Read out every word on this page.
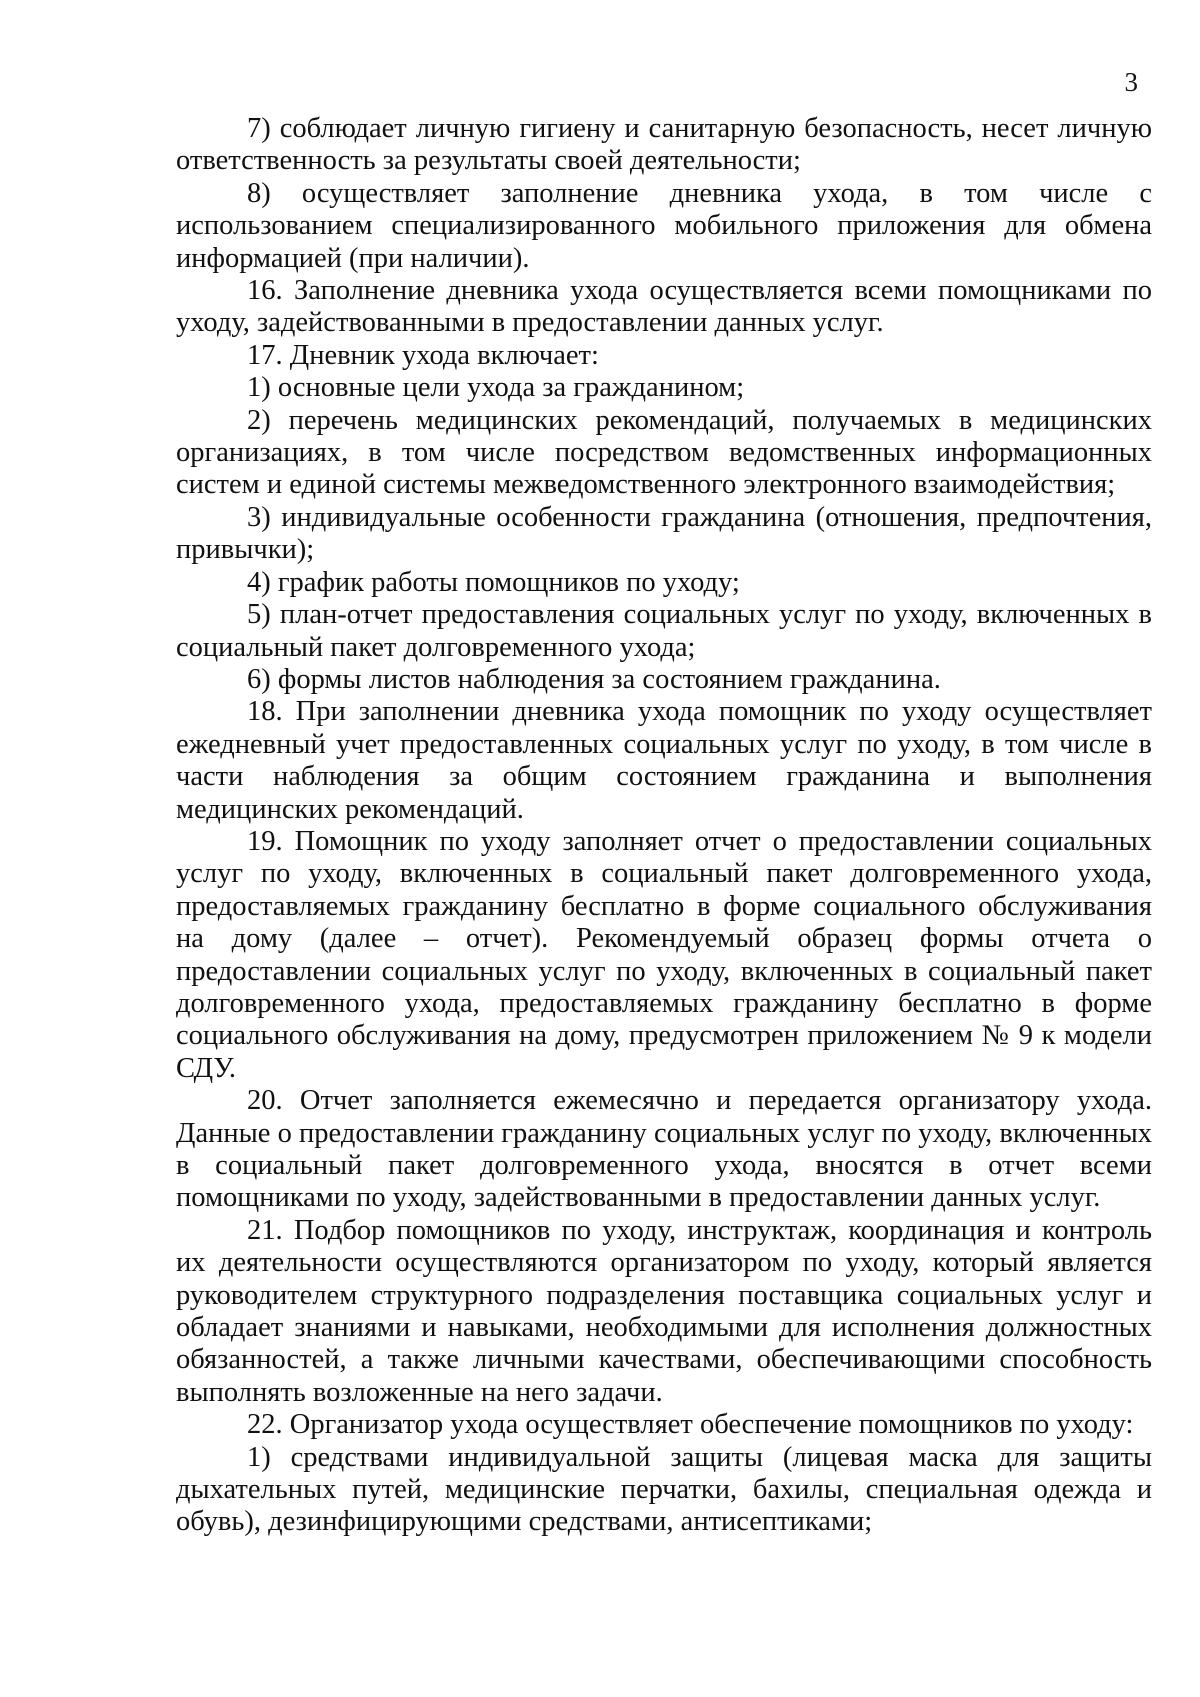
3

7) соблюдает личную гигиену и санитарную безопасность, несет личную ответственность за результаты своей деятельности;

8) осуществляет заполнение дневника ухода, в том числе с использованием специализированного мобильного приложения для обмена информацией (при наличии).

16. Заполнение дневника ухода осуществляется всеми помощниками по уходу, задействованными в предоставлении данных услуг.

17. Дневник ухода включает:

1) основные цели ухода за гражданином;

2) перечень медицинских рекомендаций, получаемых в медицинских организациях, в том числе посредством ведомственных информационных систем и единой системы межведомственного электронного взаимодействия;

3) индивидуальные особенности гражданина (отношения, предпочтения, привычки);

4) график работы помощников по уходу;

5) план-отчет предоставления социальных услуг по уходу, включенных в социальный пакет долговременного ухода;

6) формы листов наблюдения за состоянием гражданина.

18. При заполнении дневника ухода помощник по уходу осуществляет ежедневный учет предоставленных социальных услуг по уходу, в том числе в части наблюдения за общим состоянием гражданина и выполнения медицинских рекомендаций.

19. Помощник по уходу заполняет отчет о предоставлении социальных услуг по уходу, включенных в социальный пакет долговременного ухода, предоставляемых гражданину бесплатно в форме социального обслуживания на дому (далее – отчет). Рекомендуемый образец формы отчета о предоставлении социальных услуг по уходу, включенных в социальный пакет долговременного ухода, предоставляемых гражданину бесплатно в форме социального обслуживания на дому, предусмотрен приложением № 9 к модели СДУ.

20. Отчет заполняется ежемесячно и передается организатору ухода. Данные о предоставлении гражданину социальных услуг по уходу, включенных в социальный пакет долговременного ухода, вносятся в отчет всеми помощниками по уходу, задействованными в предоставлении данных услуг.

21. Подбор помощников по уходу, инструктаж, координация и контроль их деятельности осуществляются организатором по уходу, который является руководителем структурного подразделения поставщика социальных услуг и обладает знаниями и навыками, необходимыми для исполнения должностных обязанностей, а также личными качествами, обеспечивающими способность выполнять возложенные на него задачи.

22. Организатор ухода осуществляет обеспечение помощников по уходу:

1) средствами индивидуальной защиты (лицевая маска для защиты дыхательных путей, медицинские перчатки, бахилы, специальная одежда и обувь), дезинфицирующими средствами, антисептиками;
